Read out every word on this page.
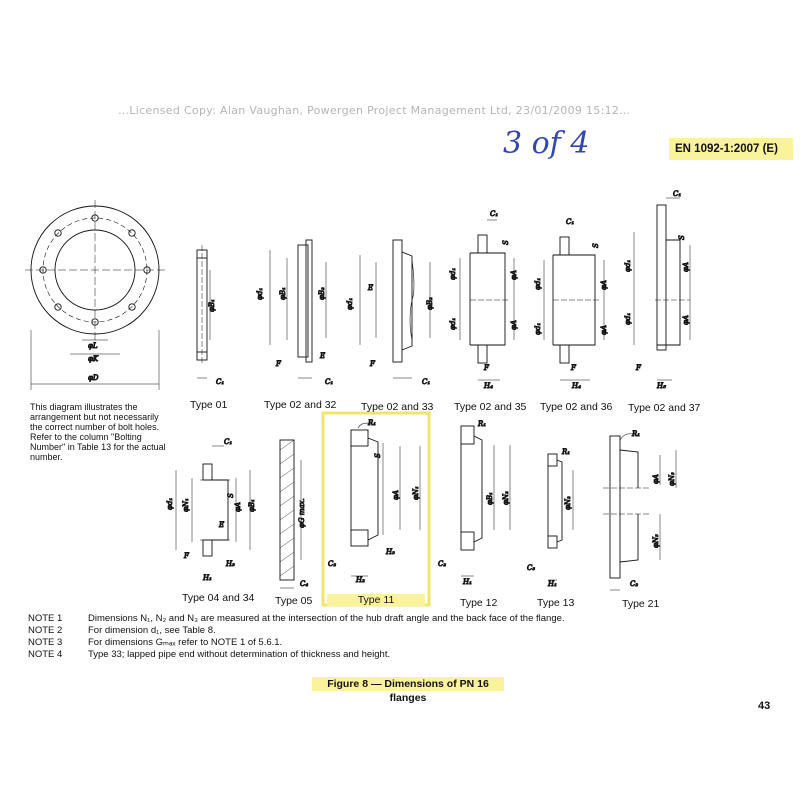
…Licensed Copy: Alan Vaughan, Powergen Project Management Ltd, 23/01/2009 15:12…
3 of 4	EN 1092-1:2007 (E)
φL
φK
φD
φB₁
C₁
φd₁ φB₁	φB₂
E
F
C₁
φd₁
E
φB₂
F
C₁
C₁
S
φd₁
φd₁
φA
φA
F
H₄
C₁
S
φd₁
φd₁
φA
φA
F
H₄
C₁
S
φd₁
φd₁
φA
φA
F
H₅
C₁
S
φd₁ φN₁
E
φA φB₁
F
H₃
H₁
φG max.
C₄
R₁
S
φA φN₁
H₃
C₂
H₂
R₁
φB₁ φN₂
C₂
H₁
R₁
φN₂
C₃
H₁
R₁
φA φN₃
φN₃
C₂
This diagram illustrates the
arrangement but not necessarily
the correct number of bolt holes.
Refer to the column "Bolting
Number" in Table 13 for the actual
number.
Type 01	Type 02 and 32 Type 02 and 33 Type 02 and 35 Type 02 and 36 Type 02 and 37
Type 04 and 34 Type 05	Type 11	Type 12	Type 13	Type 21
NOTE 1	Dimensions N₁, N₂ and N₃ are measured at the intersection of the hub draft angle and the back face of the flange.
NOTE 2	For dimension d₁, see Table 8.
NOTE 3	For dimensions Gₘₐₓ refer to NOTE 1 of 5.6.1.
NOTE 4	Type 33; lapped pipe end without determination of thickness and height.
Figure 8 — Dimensions of PN 16 flanges
43
